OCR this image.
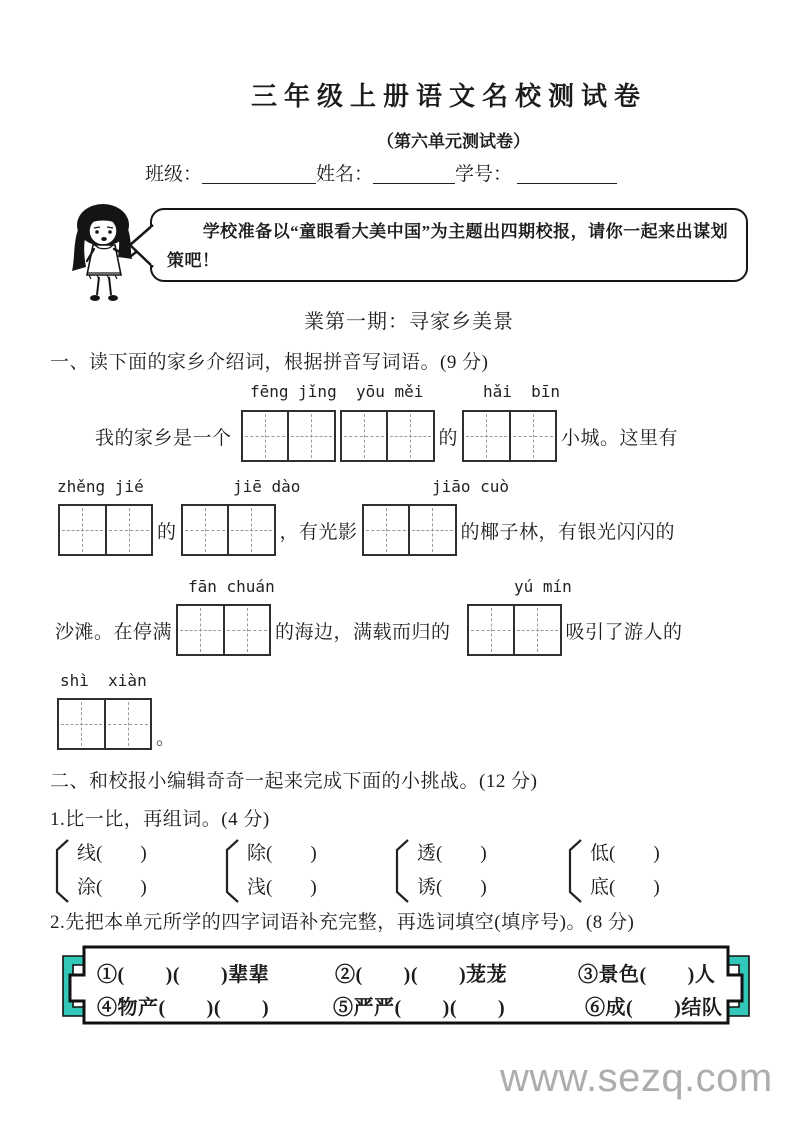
三年级上册语文名校测试卷
（第六单元测试卷）
班级：	姓名：	学号：
学校准备以“童眼看大美中国”为主题出四期校报，请你一起来出谋划
策吧！
業第一期：寻家乡美景
一、读下面的家乡介绍词，根据拼音写词语。(9 分)
fēng jǐng  yōu měi	hǎi  bīn
我的家乡是一个	的	小城。这里有
zhěng jié	jiē dào	jiāo cuò
的	，有光影	的椰子林，有银光闪闪的
fān chuán	yú mín
沙滩。在停满	的海边，满载而归的	吸引了游人的
shì  xiàn
。
二、和校报小编辑奇奇一起来完成下面的小挑战。(12 分)
1.比一比，再组词。(4 分)
线(　　)
涂(　　)
除(　　)
浅(　　)
透(　　)
诱(　　)
低(　　)
底(　　)
2.先把本单元所学的四字词语补充完整，再选词填空(填序号)。(8 分)
①(　　)(　　)辈辈	②(　　)(　　)茏茏	③景色(　　)人
④物产(　　)(　　)	⑤严严(　　)(　　)	⑥成(　　)结队
www.sezq.com
